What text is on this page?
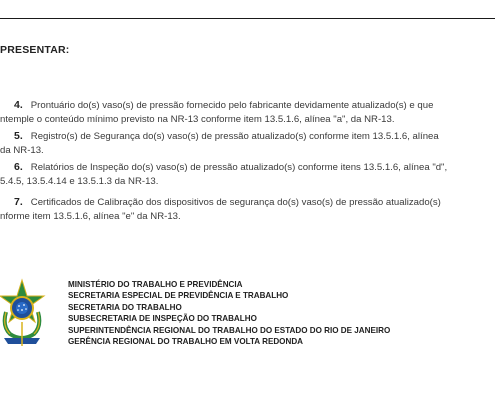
PRESENTAR:

4. Prontuário do(s) vaso(s) de pressão fornecido pelo fabricante devidamente atualizado(s) e que
ntemple o conteúdo mínimo previsto na NR-13 conforme item 13.5.1.6, alínea "a", da NR-13.
5. Registro(s) de Segurança do(s) vaso(s) de pressão atualizado(s) conforme item 13.5.1.6, alínea
da NR-13.
6. Relatórios de Inspeção do(s) vaso(s) de pressão atualizado(s) conforme itens 13.5.1.6, alínea "d",
5.4.5, 13.5.4.14 e 13.5.1.3 da NR-13.
7. Certificados de Calibração dos dispositivos de segurança do(s) vaso(s) de pressão atualizado(s)
nforme item 13.5.1.6, alínea "e" da NR-13.
MINISTÉRIO DO TRABALHO E PREVIDÊNCIA
SECRETARIA ESPECIAL DE PREVIDÊNCIA E TRABALHO
SECRETARIA DO TRABALHO
SUBSECRETARIA DE INSPEÇÃO DO TRABALHO
SUPERINTENDÊNCIA REGIONAL DO TRABALHO DO ESTADO DO RIO DE JANEIRO
GERÊNCIA REGIONAL DO TRABALHO EM VOLTA REDONDA
